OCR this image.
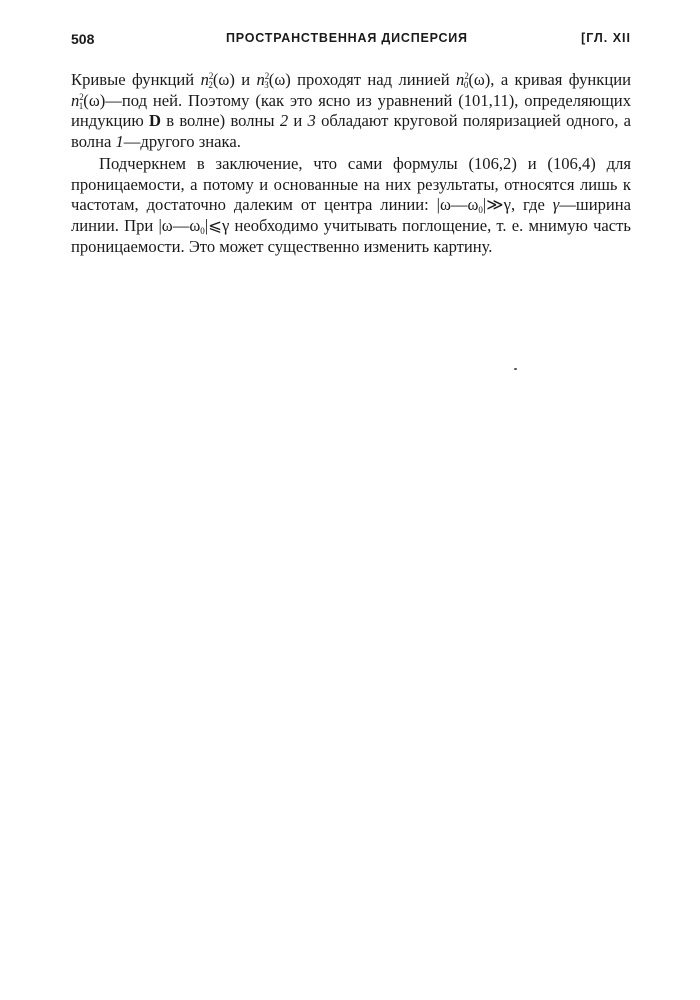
508	ПРОСТРАНСТВЕННАЯ ДИСПЕРСИЯ	[ГЛ. XII

Кривые функций $n^2_2(\omega)$ и $n^2_3(\omega)$ проходят над линией $n^2_0(\omega)$, а кривая функции $n^2_1(\omega)—под$ ней. Поэтому (как это ясно из уравнений (101,11), определяющих индукцию D в волне) волны 2 и 3 обладают круговой поляризацией одного, а волна 1—другого знака.

Подчеркнем в заключение, что сами формулы (106,2) и (106,4) для проницаемости, а потому и основанные на них результаты, относятся лишь к частотам, достаточно далеким от центра линии: $|\omega—\omega_0|≫\gamma$, где γ—ширина линии. При $|\omega—\omega_0|⩽\gamma$ необходимо учитывать поглощение, т. е. мнимую часть проницаемости. Это может существенно изменить картину.
